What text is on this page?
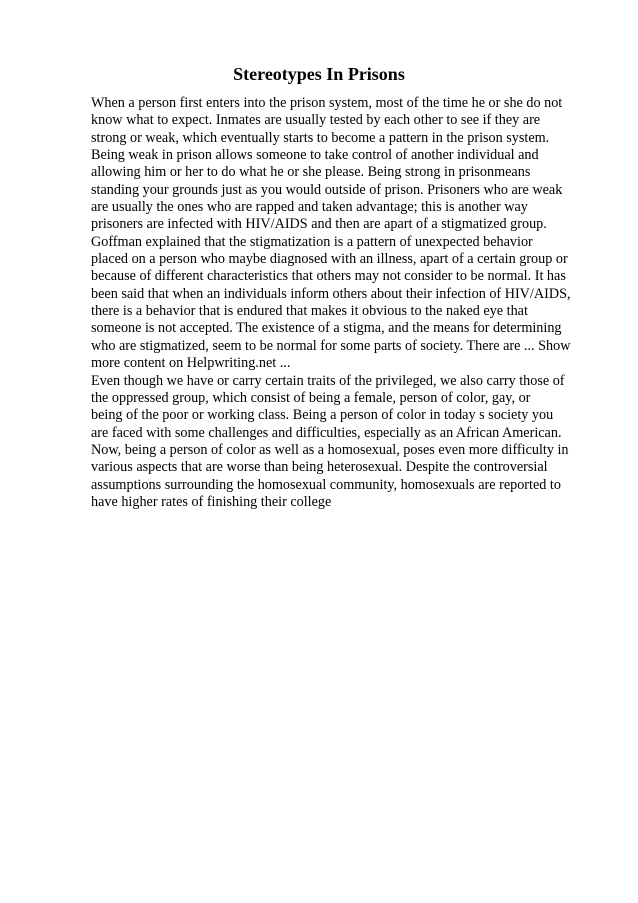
Stereotypes In Prisons
When a person first enters into the prison system, most of the time he or she do not
know what to expect. Inmates are usually tested by each other to see if they are
strong or weak, which eventually starts to become a pattern in the prison system.
Being weak in prison allows someone to take control of another individual and
allowing him or her to do what he or she please. Being strong in prisonmeans
standing your grounds just as you would outside of prison. Prisoners who are weak
are usually the ones who are rapped and taken advantage; this is another way
prisoners are infected with HIV/AIDS and then are apart of a stigmatized group.
Goffman explained that the stigmatization is a pattern of unexpected behavior
placed on a person who maybe diagnosed with an illness, apart of a certain group or
because of different characteristics that others may not consider to be normal. It has
been said that when an individuals inform others about their infection of HIV/AIDS,
there is a behavior that is endured that makes it obvious to the naked eye that
someone is not accepted. The existence of a stigma, and the means for determining
who are stigmatized, seem to be normal for some parts of society. There are ... Show
more content on Helpwriting.net ...
Even though we have or carry certain traits of the privileged, we also carry those of
the oppressed group, which consist of being a female, person of color, gay, or
being of the poor or working class. Being a person of color in today s society you
are faced with some challenges and difficulties, especially as an African American.
Now, being a person of color as well as a homosexual, poses even more difficulty in
various aspects that are worse than being heterosexual. Despite the controversial
assumptions surrounding the homosexual community, homosexuals are reported to
have higher rates of finishing their college
